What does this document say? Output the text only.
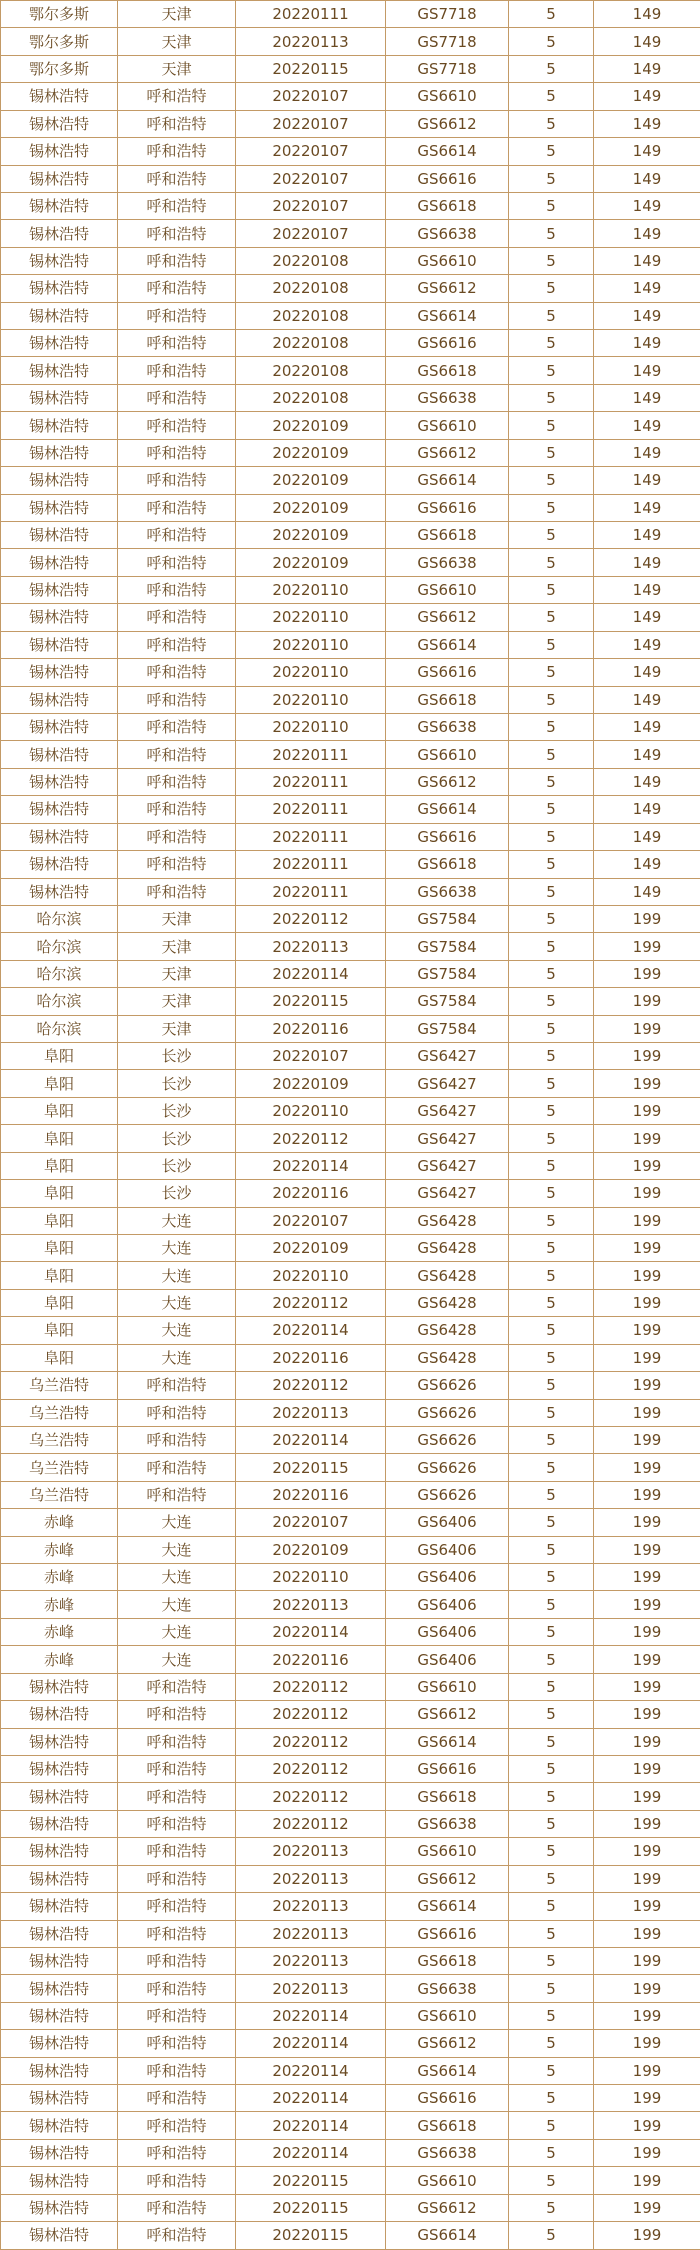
鄂尔多斯	天津	20220111	GS7718	5	149
鄂尔多斯	天津	20220113	GS7718	5	149
鄂尔多斯	天津	20220115	GS7718	5	149
锡林浩特	呼和浩特	20220107	GS6610	5	149
锡林浩特	呼和浩特	20220107	GS6612	5	149
锡林浩特	呼和浩特	20220107	GS6614	5	149
锡林浩特	呼和浩特	20220107	GS6616	5	149
锡林浩特	呼和浩特	20220107	GS6618	5	149
锡林浩特	呼和浩特	20220107	GS6638	5	149
锡林浩特	呼和浩特	20220108	GS6610	5	149
锡林浩特	呼和浩特	20220108	GS6612	5	149
锡林浩特	呼和浩特	20220108	GS6614	5	149
锡林浩特	呼和浩特	20220108	GS6616	5	149
锡林浩特	呼和浩特	20220108	GS6618	5	149
锡林浩特	呼和浩特	20220108	GS6638	5	149
锡林浩特	呼和浩特	20220109	GS6610	5	149
锡林浩特	呼和浩特	20220109	GS6612	5	149
锡林浩特	呼和浩特	20220109	GS6614	5	149
锡林浩特	呼和浩特	20220109	GS6616	5	149
锡林浩特	呼和浩特	20220109	GS6618	5	149
锡林浩特	呼和浩特	20220109	GS6638	5	149
锡林浩特	呼和浩特	20220110	GS6610	5	149
锡林浩特	呼和浩特	20220110	GS6612	5	149
锡林浩特	呼和浩特	20220110	GS6614	5	149
锡林浩特	呼和浩特	20220110	GS6616	5	149
锡林浩特	呼和浩特	20220110	GS6618	5	149
锡林浩特	呼和浩特	20220110	GS6638	5	149
锡林浩特	呼和浩特	20220111	GS6610	5	149
锡林浩特	呼和浩特	20220111	GS6612	5	149
锡林浩特	呼和浩特	20220111	GS6614	5	149
锡林浩特	呼和浩特	20220111	GS6616	5	149
锡林浩特	呼和浩特	20220111	GS6618	5	149
锡林浩特	呼和浩特	20220111	GS6638	5	149
哈尔滨	天津	20220112	GS7584	5	199
哈尔滨	天津	20220113	GS7584	5	199
哈尔滨	天津	20220114	GS7584	5	199
哈尔滨	天津	20220115	GS7584	5	199
哈尔滨	天津	20220116	GS7584	5	199
阜阳	长沙	20220107	GS6427	5	199
阜阳	长沙	20220109	GS6427	5	199
阜阳	长沙	20220110	GS6427	5	199
阜阳	长沙	20220112	GS6427	5	199
阜阳	长沙	20220114	GS6427	5	199
阜阳	长沙	20220116	GS6427	5	199
阜阳	大连	20220107	GS6428	5	199
阜阳	大连	20220109	GS6428	5	199
阜阳	大连	20220110	GS6428	5	199
阜阳	大连	20220112	GS6428	5	199
阜阳	大连	20220114	GS6428	5	199
阜阳	大连	20220116	GS6428	5	199
乌兰浩特	呼和浩特	20220112	GS6626	5	199
乌兰浩特	呼和浩特	20220113	GS6626	5	199
乌兰浩特	呼和浩特	20220114	GS6626	5	199
乌兰浩特	呼和浩特	20220115	GS6626	5	199
乌兰浩特	呼和浩特	20220116	GS6626	5	199
赤峰	大连	20220107	GS6406	5	199
赤峰	大连	20220109	GS6406	5	199
赤峰	大连	20220110	GS6406	5	199
赤峰	大连	20220113	GS6406	5	199
赤峰	大连	20220114	GS6406	5	199
赤峰	大连	20220116	GS6406	5	199
锡林浩特	呼和浩特	20220112	GS6610	5	199
锡林浩特	呼和浩特	20220112	GS6612	5	199
锡林浩特	呼和浩特	20220112	GS6614	5	199
锡林浩特	呼和浩特	20220112	GS6616	5	199
锡林浩特	呼和浩特	20220112	GS6618	5	199
锡林浩特	呼和浩特	20220112	GS6638	5	199
锡林浩特	呼和浩特	20220113	GS6610	5	199
锡林浩特	呼和浩特	20220113	GS6612	5	199
锡林浩特	呼和浩特	20220113	GS6614	5	199
锡林浩特	呼和浩特	20220113	GS6616	5	199
锡林浩特	呼和浩特	20220113	GS6618	5	199
锡林浩特	呼和浩特	20220113	GS6638	5	199
锡林浩特	呼和浩特	20220114	GS6610	5	199
锡林浩特	呼和浩特	20220114	GS6612	5	199
锡林浩特	呼和浩特	20220114	GS6614	5	199
锡林浩特	呼和浩特	20220114	GS6616	5	199
锡林浩特	呼和浩特	20220114	GS6618	5	199
锡林浩特	呼和浩特	20220114	GS6638	5	199
锡林浩特	呼和浩特	20220115	GS6610	5	199
锡林浩特	呼和浩特	20220115	GS6612	5	199
锡林浩特	呼和浩特	20220115	GS6614	5	199
